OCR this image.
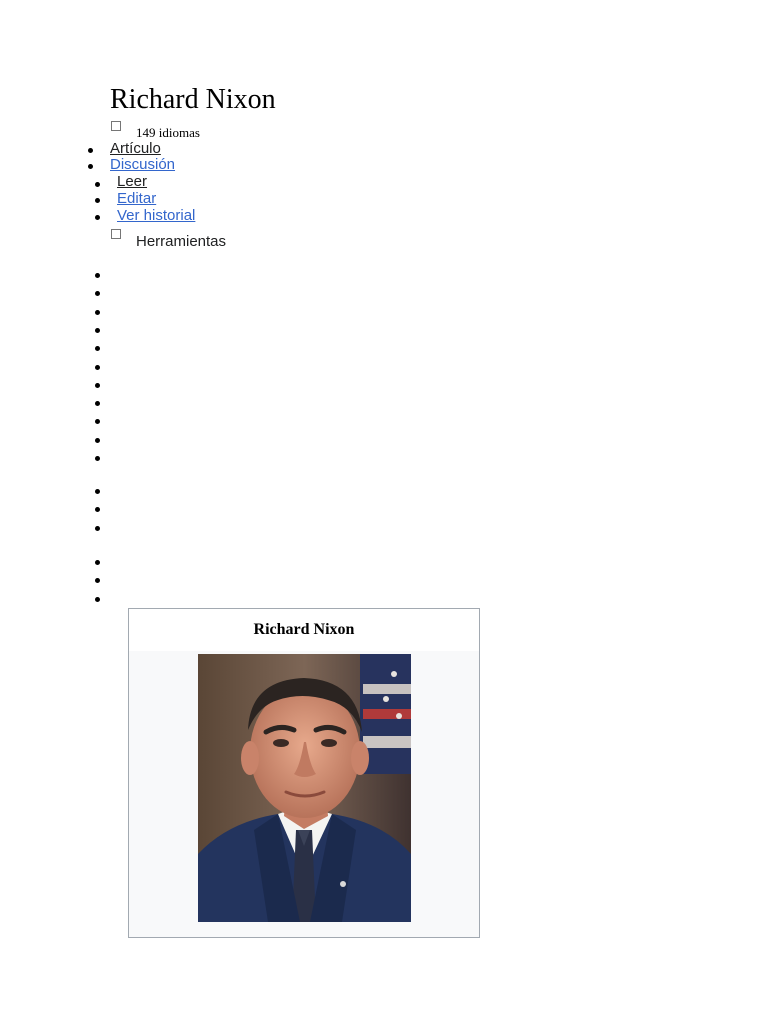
Richard Nixon
149 idiomas
Artículo
Discusión
Leer
Editar
Ver historial
Herramientas
Richard Nixon
